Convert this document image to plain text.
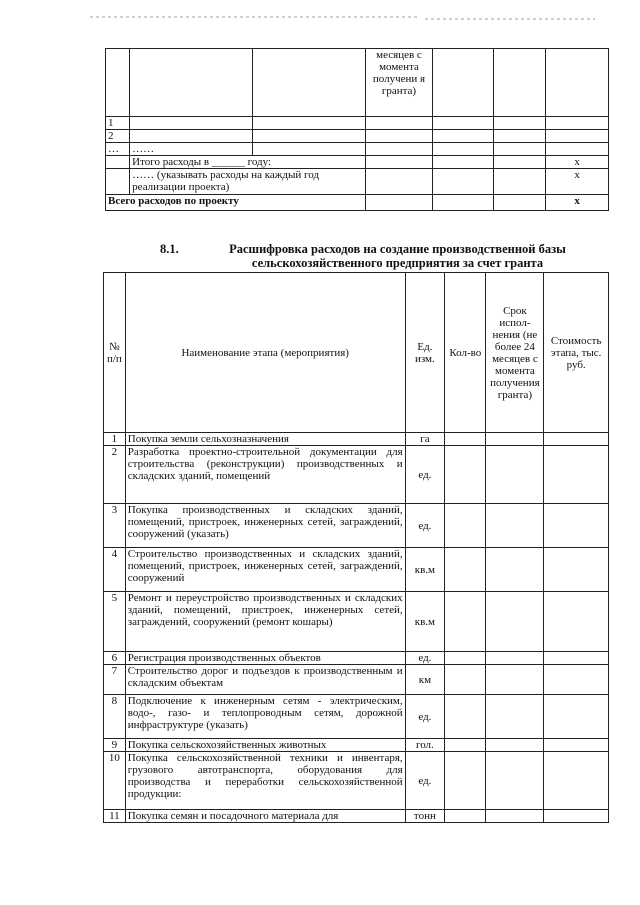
			месяцев с момента получени я гранта)			
1						
2						
…	……					
	Итого расходы в ______ году:					x
	…… (указывать расходы на каждый год реализации проекта)					x
Всего расходов по проекту						x
8.1.	Расшифровка расходов на создание производственной базы сельскохозяйственного предприятия за счет гранта
№ п/п	Наименование этапа (мероприятия)	Ед. изм.	Кол-во	Срок испол-нения (не более 24 месяцев с момента получения гранта)	Стоимость этапа, тыс. руб.
1	Покупка земли сельхозназначения	га			
2	Разработка проектно-строительной документации для строительства (реконструкции) производственных и складских зданий, помещений	ед.			
3	Покупка производственных и складских зданий, помещений, пристроек, инженерных сетей, заграждений, сооружений (указать)	ед.			
4	Строительство производственных и складских зданий, помещений, пристроек, инженерных сетей, заграждений, сооружений	кв.м			
5	Ремонт и переустройство производственных и складских зданий, помещений, пристроек, инженерных сетей, заграждений, сооружений (ремонт кошары)	кв.м			
6	Регистрация производственных объектов	ед.			
7	Строительство дорог и подъездов к производственным и складским объектам	км			
8	Подключение к инженерным сетям - электрическим, водо-, газо- и теплопроводным сетям, дорожной инфраструктуре (указать)	ед.			
9	Покупка сельскохозяйственных животных	гол.			
10	Покупка сельскохозяйственной техники и инвентаря, грузового автотранспорта, оборудования для производства и переработки сельскохозяйственной продукции:	ед.			
11	Покупка семян и посадочного материала для	тонн			
